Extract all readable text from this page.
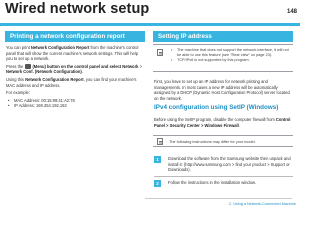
Wired network setup	148
Printing a network configuration report

You can print Network Configuration Report from the machine's control panel that will show the current machine's network settings. This will help you to set up a network.

Press the (Menu) button on the control panel and select Network > Network Conf. (Network Configuration).

Using this Network Configuration Report, you can find your machine's MAC address and IP address.

For example:

• MAC Address: 00:15:99:41:A2:78
• IP Address: 169.254.192.192
Setting IP address
• The machine that does not support the network interface, it will not be able to use this feature (see "Rear view" on page 23).
• TCP/IPv6 is not supported by this program.
First, you have to set up an IP address for network printing and managements. In most cases a new IP address will be automatically assigned by a DHCP (Dynamic Host Configuration Protocol) server located on the network.
IPv4 configuration using SetIP (Windows)
Before using the SetIP program, disable the computer firewall from Control Panel > Security Center > Windows Firewall.
The following instructions may differ for your model.
1	Download the software from the Samsung website then unpack and install it: (http://www.samsung.com > find your product > Support or Downloads).
2	Follow the instructions in the installation window.
2. Using a Network-Connected Machine
